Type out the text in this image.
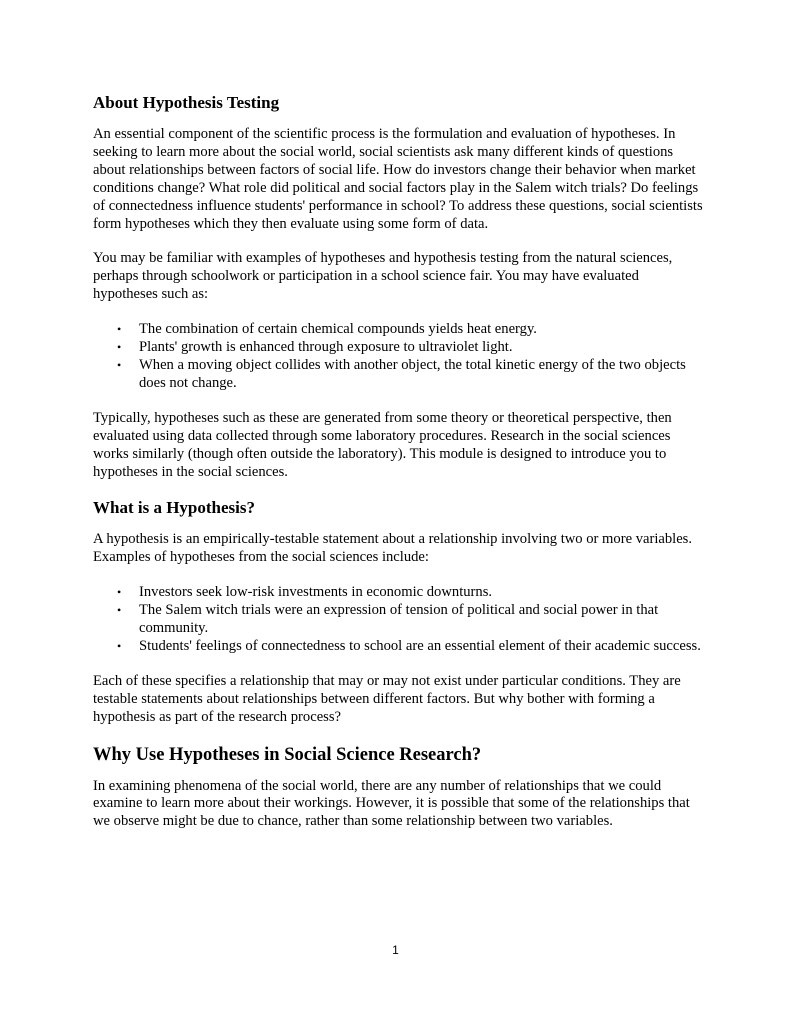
About Hypothesis Testing

An essential component of the scientific process is the formulation and evaluation of hypotheses. In seeking to learn more about the social world, social scientists ask many different kinds of questions about relationships between factors of social life. How do investors change their behavior when market conditions change? What role did political and social factors play in the Salem witch trials? Do feelings of connectedness influence students' performance in school? To address these questions, social scientists form hypotheses which they then evaluate using some form of data.

You may be familiar with examples of hypotheses and hypothesis testing from the natural sciences, perhaps through schoolwork or participation in a school science fair. You may have evaluated hypotheses such as:

• The combination of certain chemical compounds yields heat energy.
• Plants' growth is enhanced through exposure to ultraviolet light.
• When a moving object collides with another object, the total kinetic energy of the two objects does not change.

Typically, hypotheses such as these are generated from some theory or theoretical perspective, then evaluated using data collected through some laboratory procedures. Research in the social sciences works similarly (though often outside the laboratory). This module is designed to introduce you to hypotheses in the social sciences.

What is a Hypothesis?

A hypothesis is an empirically-testable statement about a relationship involving two or more variables. Examples of hypotheses from the social sciences include:

• Investors seek low-risk investments in economic downturns.
• The Salem witch trials were an expression of tension of political and social power in that community.
• Students' feelings of connectedness to school are an essential element of their academic success.

Each of these specifies a relationship that may or may not exist under particular conditions. They are testable statements about relationships between different factors. But why bother with forming a hypothesis as part of the research process?

Why Use Hypotheses in Social Science Research?

In examining phenomena of the social world, there are any number of relationships that we could examine to learn more about their workings. However, it is possible that some of the relationships that we observe might be due to chance, rather than some relationship between two variables.

1
